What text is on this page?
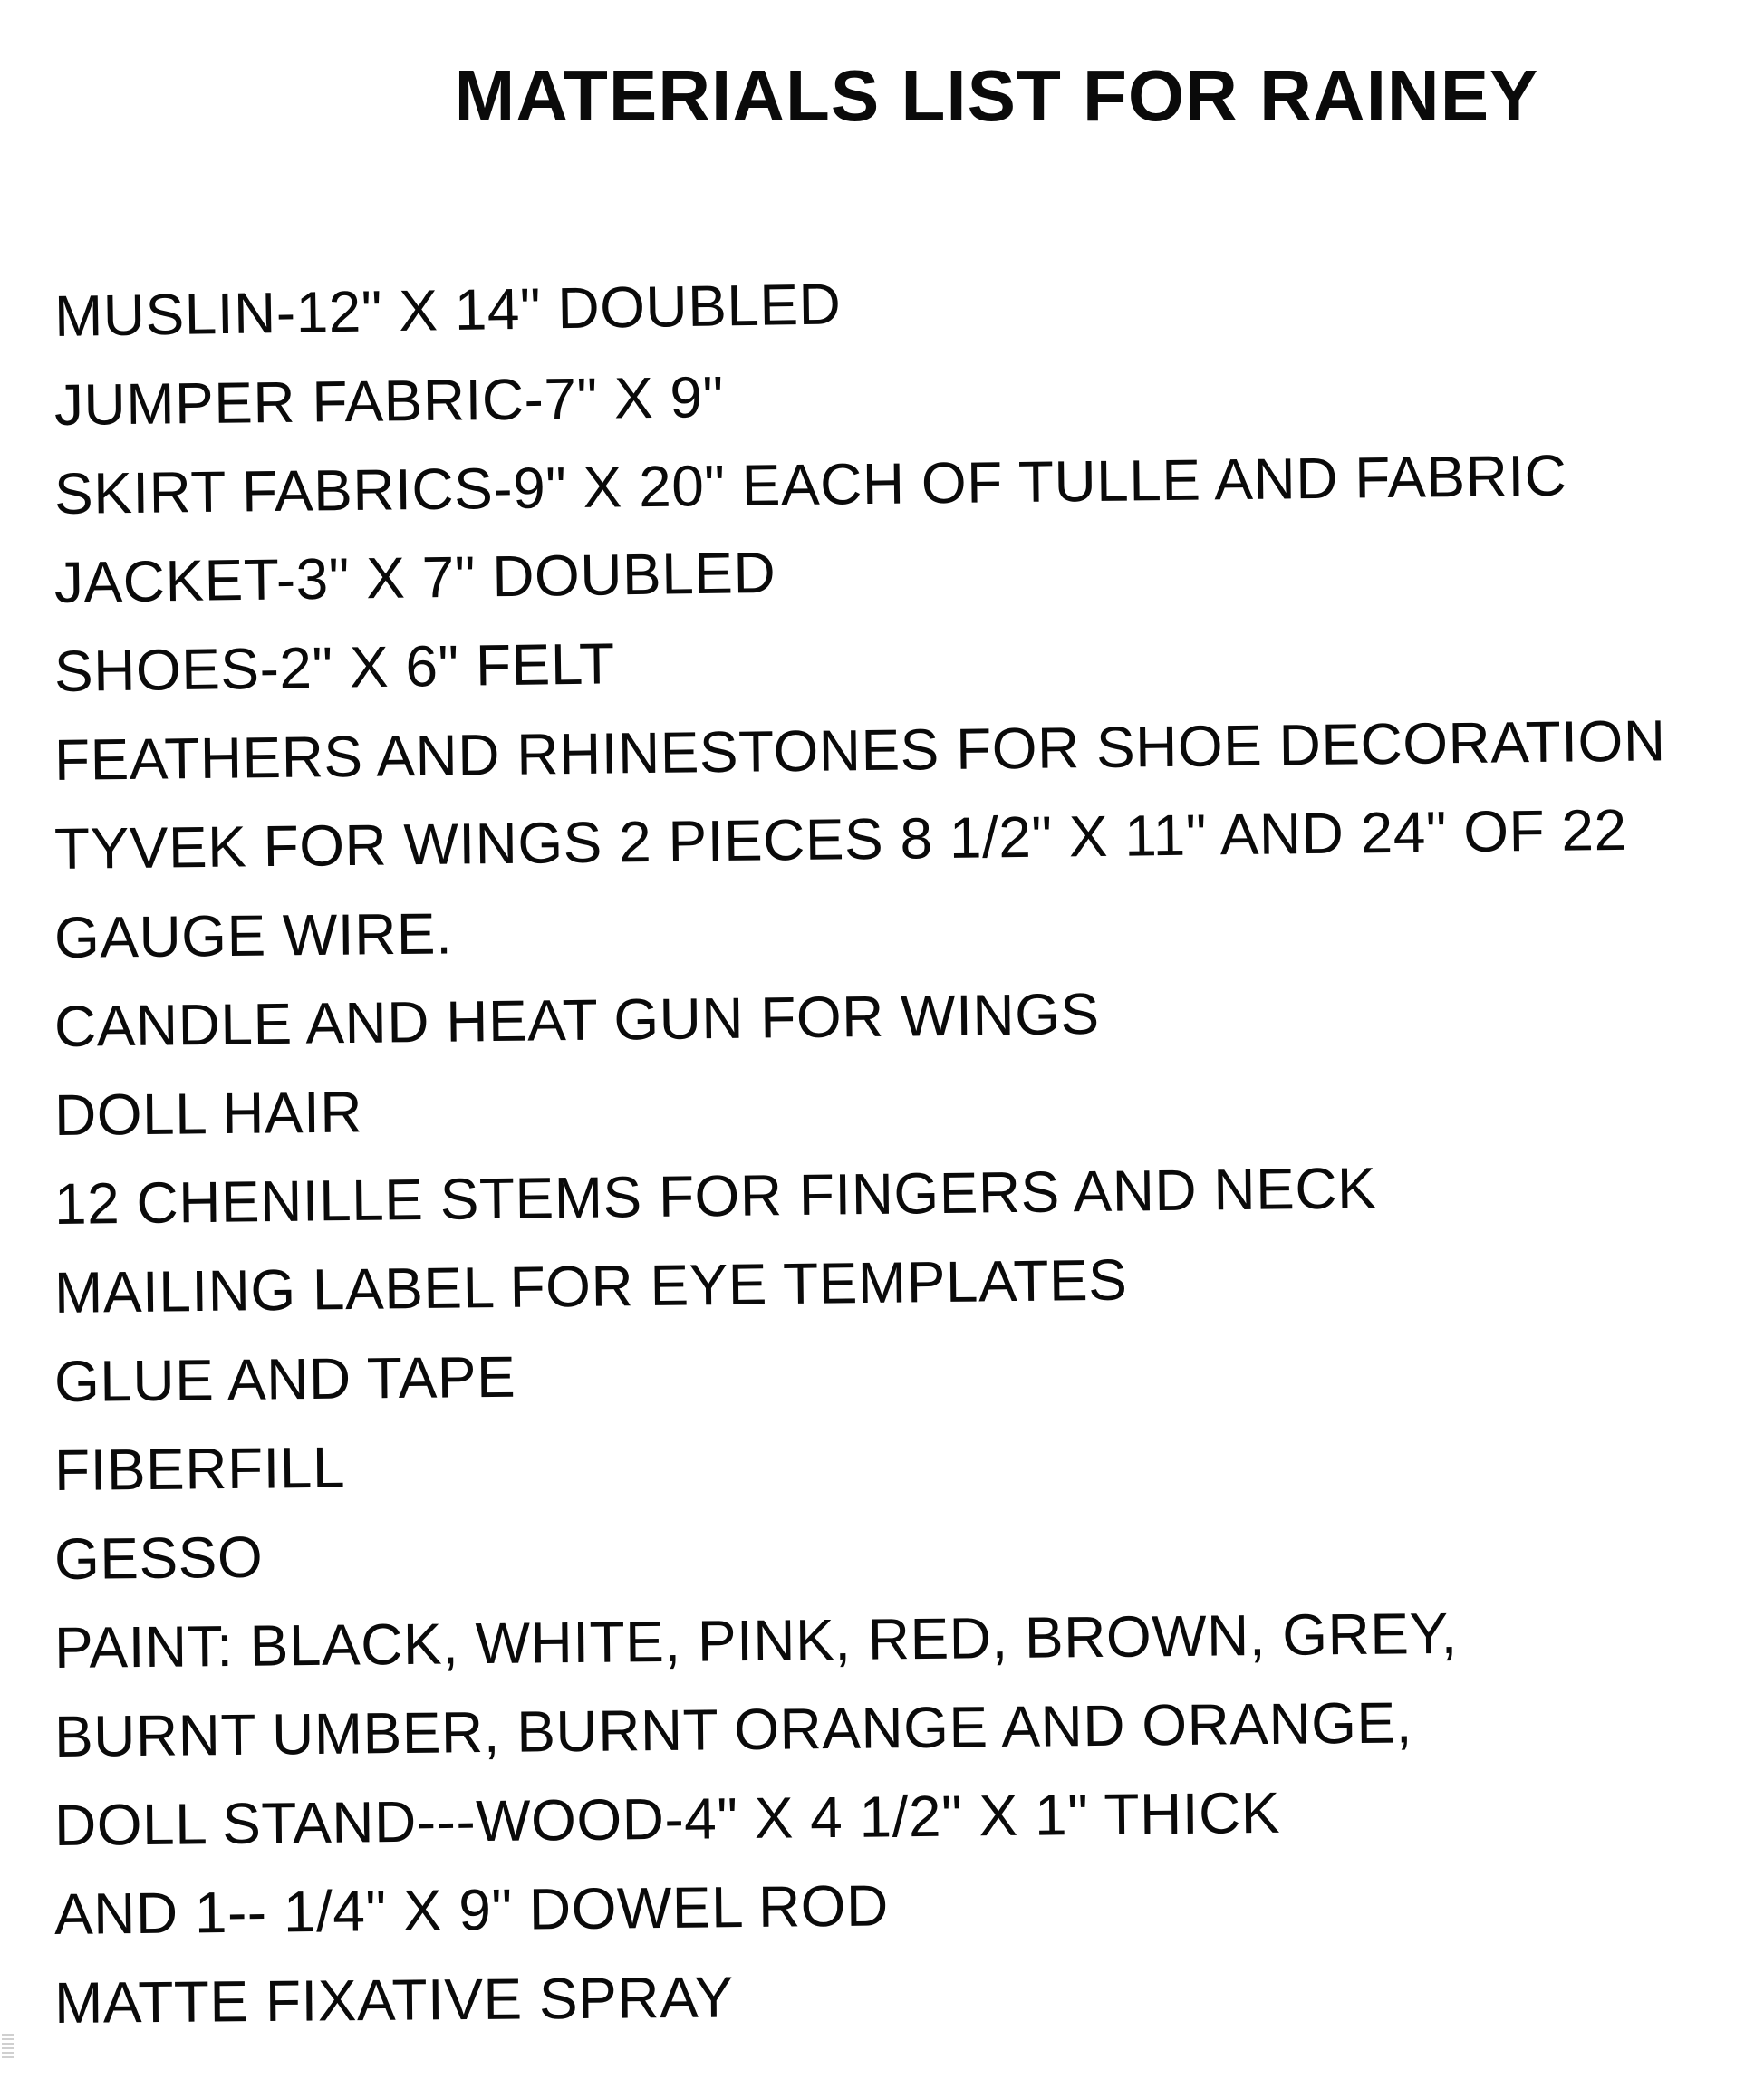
MATERIALS LIST FOR RAINEY
MUSLIN-12" X 14" DOUBLED
JUMPER FABRIC-7" X 9"
SKIRT FABRICS-9" X 20" EACH OF TULLE AND FABRIC
JACKET-3" X 7" DOUBLED
SHOES-2" X 6" FELT
FEATHERS AND RHINESTONES FOR SHOE DECORATION
TYVEK FOR WINGS 2 PIECES 8 1/2" X 11" AND 24" OF 22
GAUGE WIRE.
CANDLE AND HEAT GUN FOR WINGS
DOLL HAIR
12 CHENILLE STEMS FOR FINGERS AND NECK
MAILING LABEL FOR EYE TEMPLATES
GLUE AND TAPE
FIBERFILL
GESSO
PAINT: BLACK, WHITE, PINK, RED, BROWN, GREY,
BURNT UMBER, BURNT ORANGE AND ORANGE,
DOLL STAND---WOOD-4" X 4 1/2" X 1" THICK
AND 1-- 1/4" X 9" DOWEL ROD
MATTE FIXATIVE SPRAY
